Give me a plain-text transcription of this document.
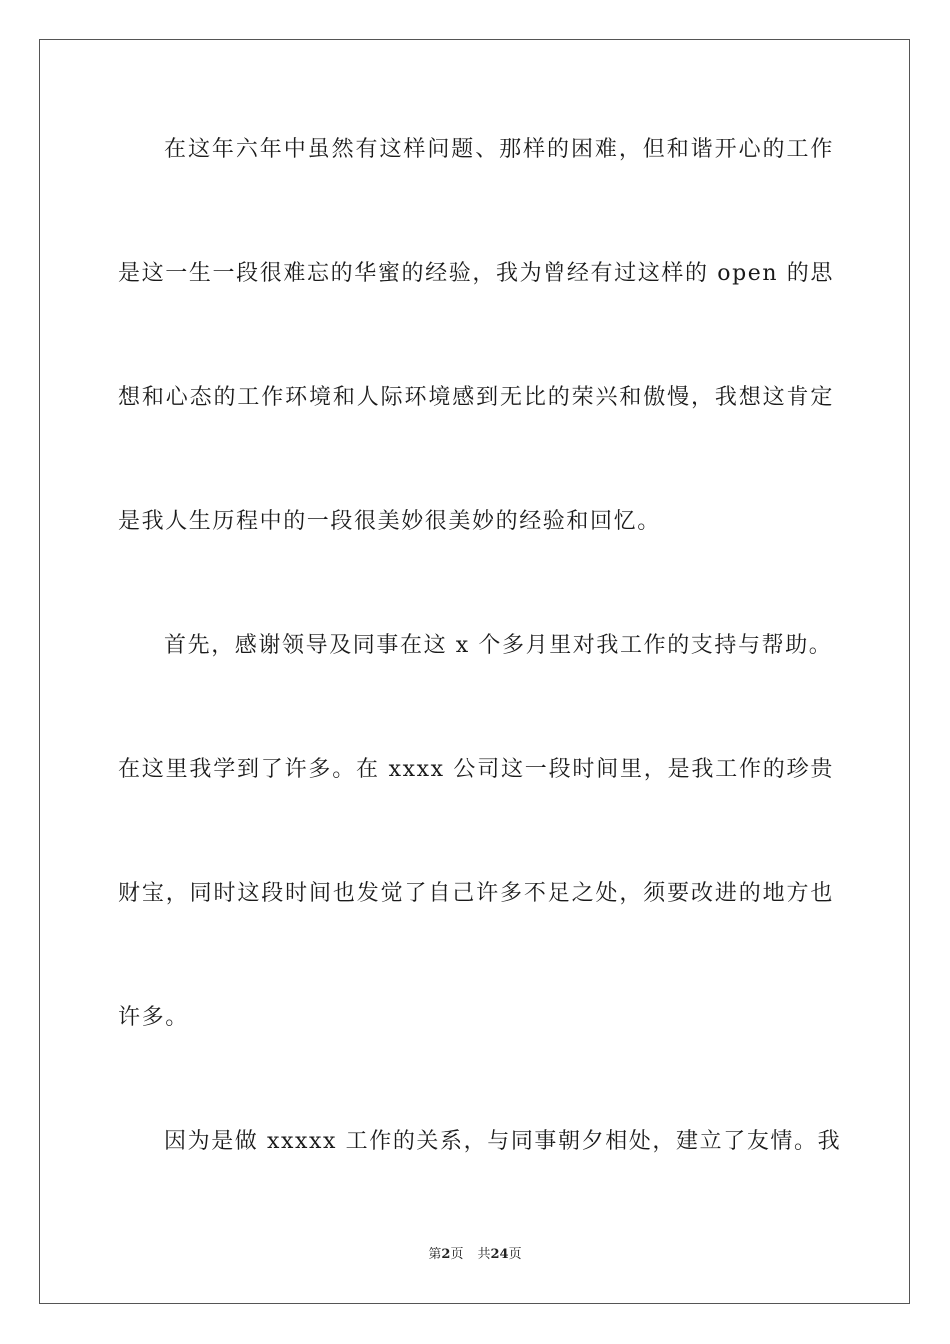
在这年六年中虽然有这样问题、那样的困难，但和谐开心的工作
是这一生一段很难忘的华蜜的经验，我为曾经有过这样的 open 的思
想和心态的工作环境和人际环境感到无比的荣兴和傲慢，我想这肯定
是我人生历程中的一段很美妙很美妙的经验和回忆。
首先，感谢领导及同事在这 x 个多月里对我工作的支持与帮助。
在这里我学到了许多。在 xxxx 公司这一段时间里，是我工作的珍贵
财宝，同时这段时间也发觉了自己许多不足之处，须要改进的地方也
许多。
因为是做 xxxxx 工作的关系，与同事朝夕相处，建立了友情。我
第2页 共24页
